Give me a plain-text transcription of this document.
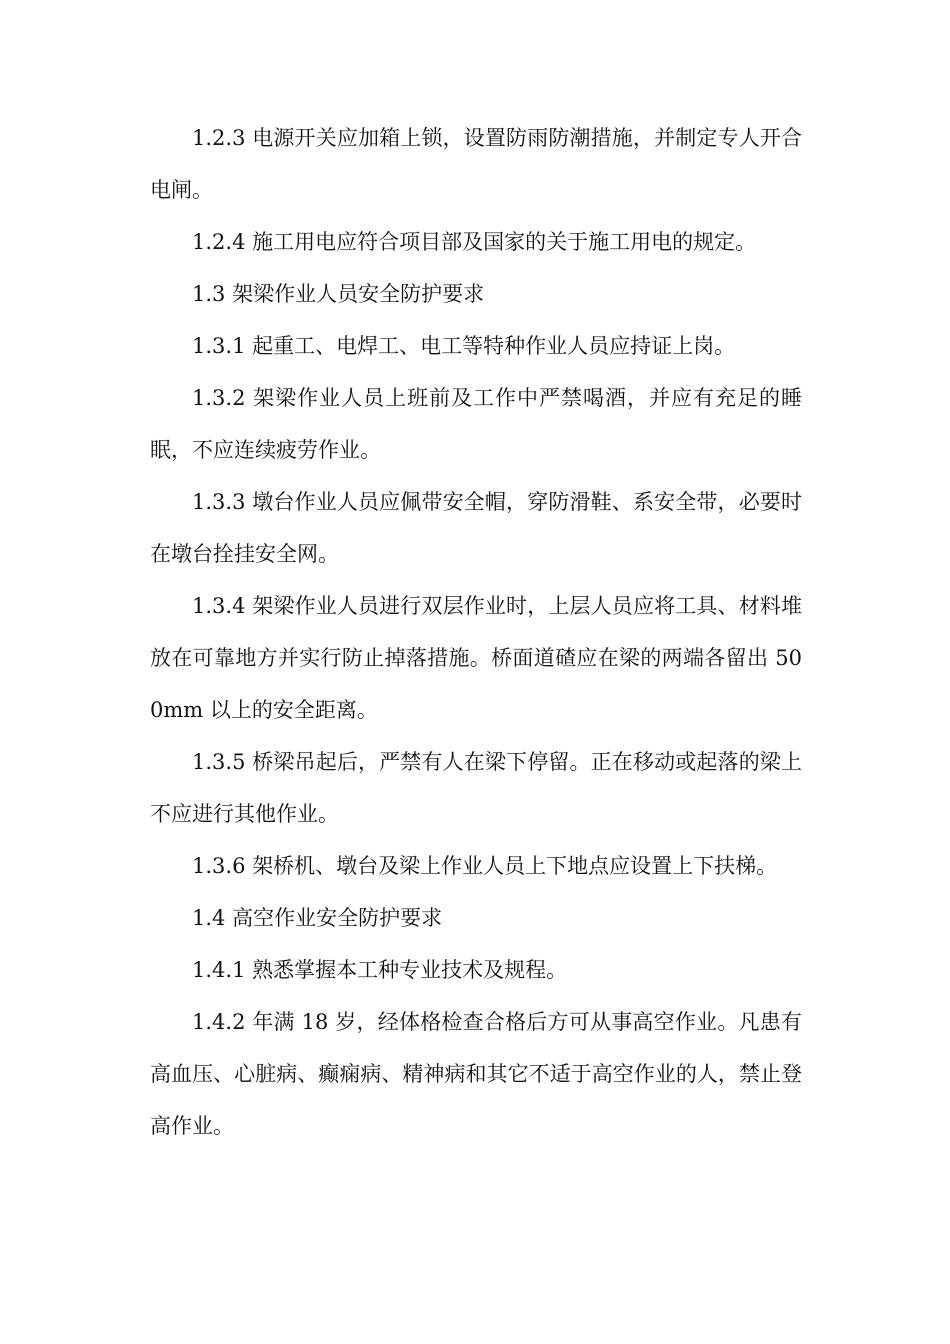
1.2.3 电源开关应加箱上锁，设置防雨防潮措施，并制定专人开合电闸。

1.2.4 施工用电应符合项目部及国家的关于施工用电的规定。

1.3 架梁作业人员安全防护要求

1.3.1 起重工、电焊工、电工等特种作业人员应持证上岗。

1.3.2 架梁作业人员上班前及工作中严禁喝酒，并应有充足的睡眠，不应连续疲劳作业。

1.3.3 墩台作业人员应佩带安全帽，穿防滑鞋、系安全带，必要时在墩台拴挂安全网。

1.3.4 架梁作业人员进行双层作业时，上层人员应将工具、材料堆放在可靠地方并实行防止掉落措施。桥面道碴应在梁的两端各留出 500mm 以上的安全距离。

1.3.5 桥梁吊起后，严禁有人在梁下停留。正在移动或起落的梁上不应进行其他作业。

1.3.6 架桥机、墩台及梁上作业人员上下地点应设置上下扶梯。

1.4 高空作业安全防护要求

1.4.1 熟悉掌握本工种专业技术及规程。

1.4.2 年满 18 岁，经体格检查合格后方可从事高空作业。凡患有高血压、心脏病、癫痫病、精神病和其它不适于高空作业的人，禁止登高作业。
